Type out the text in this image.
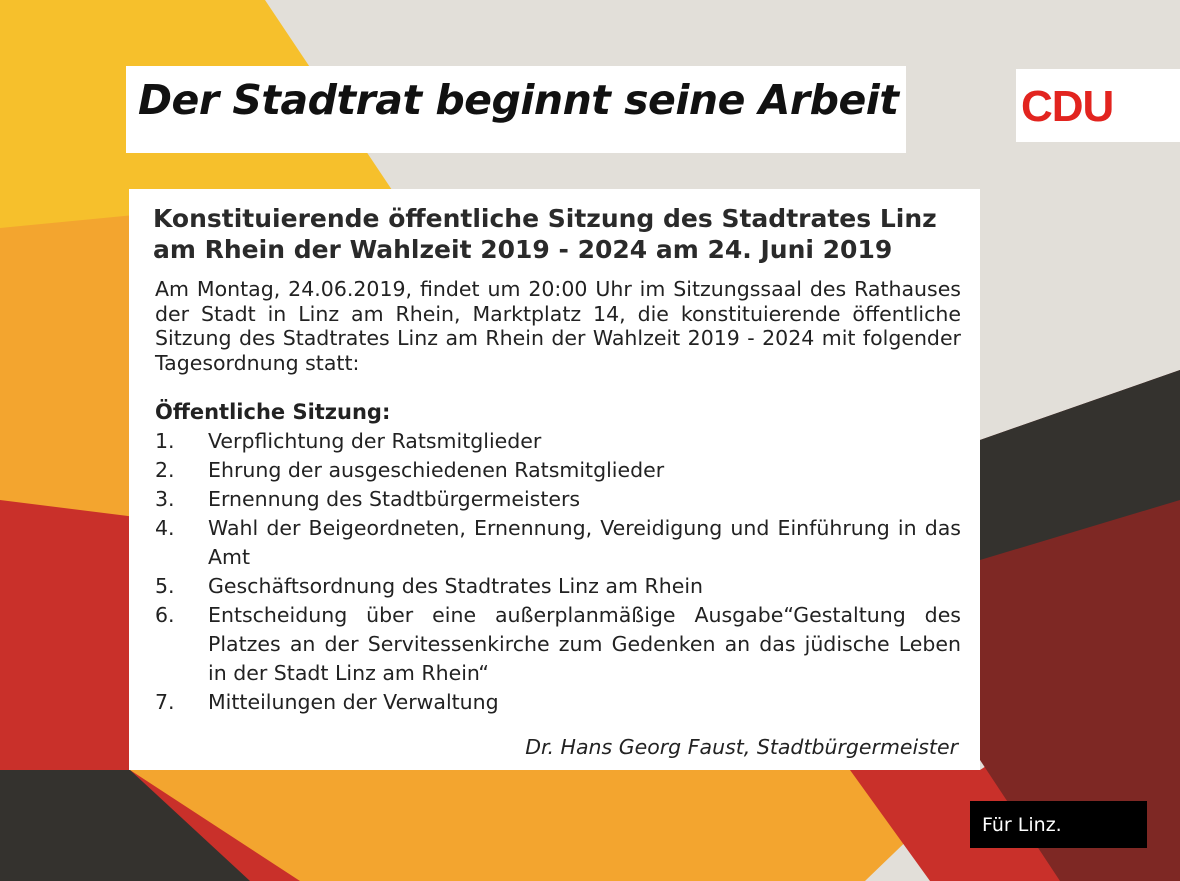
Der Stadtrat beginnt seine Arbeit	CDU
Konstituierende öffentliche Sitzung des Stadtrates Linz am Rhein der Wahlzeit 2019 - 2024 am 24. Juni 2019

Am Montag, 24.06.2019, findet um 20:00 Uhr im Sitzungssaal des Rathauses der Stadt in Linz am Rhein, Marktplatz 14, die konstituierende öffentliche Sitzung des Stadtrates Linz am Rhein der Wahlzeit 2019 - 2024 mit folgender Tagesordnung statt:

Öffentliche Sitzung:

1. Verpflichtung der Ratsmitglieder
2. Ehrung der ausgeschiedenen Ratsmitglieder
3. Ernennung des Stadtbürgermeisters
4. Wahl der Beigeordneten, Ernennung, Vereidigung und Einführung in das Amt
5. Geschäftsordnung des Stadtrates Linz am Rhein
6. Entscheidung über eine außerplanmäßige Ausgabe“Gestaltung des Platzes an der Servitessenkirche zum Gedenken an das jüdische Leben in der Stadt Linz am Rhein“
7. Mitteilungen der Verwaltung

Dr. Hans Georg Faust, Stadtbürgermeister

Für Linz.
